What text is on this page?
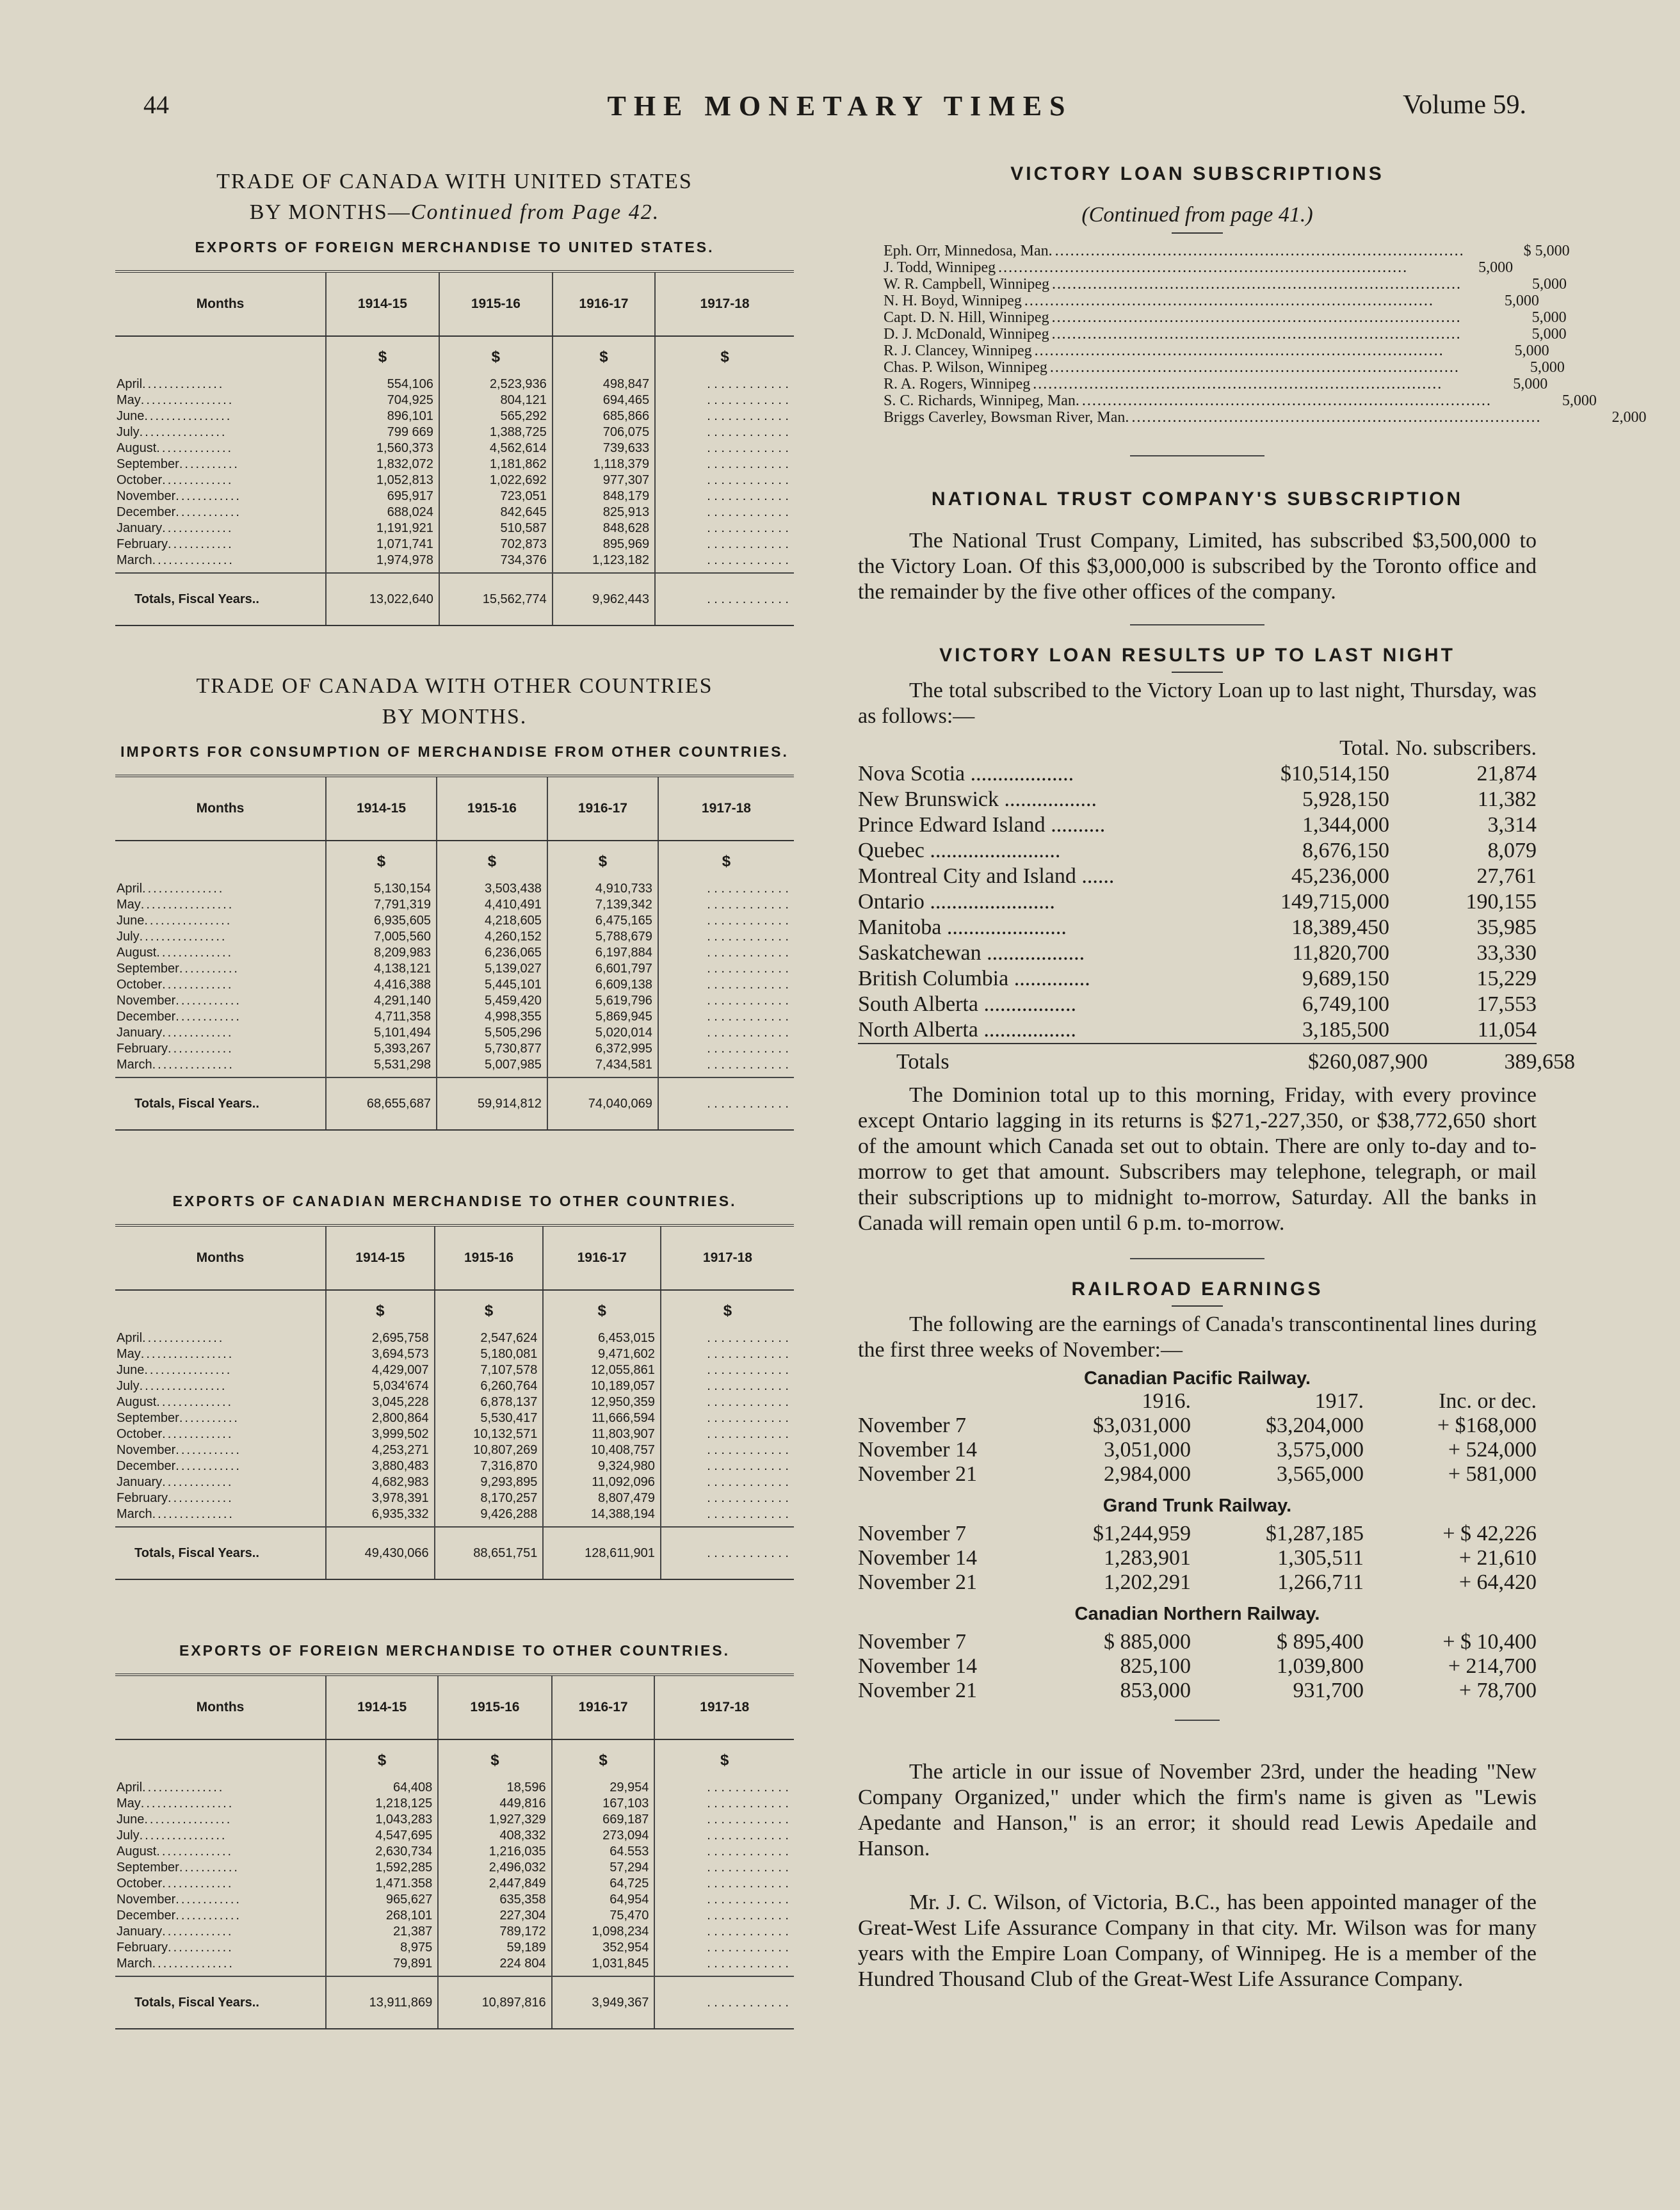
44	THE MONETARY TIMES	Volume 59.
TRADE OF CANADA WITH UNITED STATES
BY MONTHS—Continued from Page 42.
EXPORTS OF FOREIGN MERCHANDISE TO UNITED STATES.
Months	1914-15	1915-16	1916-17	1917-18
	$	$	$	$
April...............	554,106	2,523,936	498,847	. . . . . . . . . . . .
May.................	704,925	804,121	694,465	. . . . . . . . . . . .
June................	896,101	565,292	685,866	. . . . . . . . . . . .
July................	799 669	1,388,725	706,075	. . . . . . . . . . . .
August..............	1,560,373	4,562,614	739,633	. . . . . . . . . . . .
September...........	1,832,072	1,181,862	1,118,379	. . . . . . . . . . . .
October.............	1,052,813	1,022,692	977,307	. . . . . . . . . . . .
November............	695,917	723,051	848,179	. . . . . . . . . . . .
December............	688,024	842,645	825,913	. . . . . . . . . . . .
January.............	1,191,921	510,587	848,628	. . . . . . . . . . . .
February............	1,071,741	702,873	895,969	. . . . . . . . . . . .
March...............	1,974,978	734,376	1,123,182	. . . . . . . . . . . .
Totals, Fiscal Years..	13,022,640	15,562,774	9,962,443	. . . . . . . . . . . .
TRADE OF CANADA WITH OTHER COUNTRIES
BY MONTHS.
IMPORTS FOR CONSUMPTION OF MERCHANDISE FROM OTHER COUNTRIES.
Months	1914-15	1915-16	1916-17	1917-18
	$	$	$	$
April...............	5,130,154	3,503,438	4,910,733	. . . . . . . . . . . .
May.................	7,791,319	4,410,491	7,139,342	. . . . . . . . . . . .
June................	6,935,605	4,218,605	6,475,165	. . . . . . . . . . . .
July................	7,005,560	4,260,152	5,788,679	. . . . . . . . . . . .
August..............	8,209,983	6,236,065	6,197,884	. . . . . . . . . . . .
September...........	4,138,121	5,139,027	6,601,797	. . . . . . . . . . . .
October.............	4,416,388	5,445,101	6,609,138	. . . . . . . . . . . .
November............	4,291,140	5,459,420	5,619,796	. . . . . . . . . . . .
December............	4,711,358	4,998,355	5,869,945	. . . . . . . . . . . .
January.............	5,101,494	5,505,296	5,020,014	. . . . . . . . . . . .
February............	5,393,267	5,730,877	6,372,995	. . . . . . . . . . . .
March...............	5,531,298	5,007,985	7,434,581	. . . . . . . . . . . .
Totals, Fiscal Years..	68,655,687	59,914,812	74,040,069	. . . . . . . . . . . .
EXPORTS OF CANADIAN MERCHANDISE TO OTHER COUNTRIES.
Months	1914-15	1915-16	1916-17	1917-18
	$	$	$	$
April...............	2,695,758	2,547,624	6,453,015	. . . . . . . . . . . .
May.................	3,694,573	5,180,081	9,471,602	. . . . . . . . . . . .
June................	4,429,007	7,107,578	12,055,861	. . . . . . . . . . . .
July................	5,034'674	6,260,764	10,189,057	. . . . . . . . . . . .
August..............	3,045,228	6,878,137	12,950,359	. . . . . . . . . . . .
September...........	2,800,864	5,530,417	11,666,594	. . . . . . . . . . . .
October.............	3,999,502	10,132,571	11,803,907	. . . . . . . . . . . .
November............	4,253,271	10,807,269	10,408,757	. . . . . . . . . . . .
December............	3,880,483	7,316,870	9,324,980	. . . . . . . . . . . .
January.............	4,682,983	9,293,895	11,092,096	. . . . . . . . . . . .
February............	3,978,391	8,170,257	8,807,479	. . . . . . . . . . . .
March...............	6,935,332	9,426,288	14,388,194	. . . . . . . . . . . .
Totals, Fiscal Years..	49,430,066	88,651,751	128,611,901	. . . . . . . . . . . .
EXPORTS OF FOREIGN MERCHANDISE TO OTHER COUNTRIES.
Months	1914-15	1915-16	1916-17	1917-18
	$	$	$	$
April...............	64,408	18,596	29,954	. . . . . . . . . . . .
May.................	1,218,125	449,816	167,103	. . . . . . . . . . . .
June................	1,043,283	1,927,329	669,187	. . . . . . . . . . . .
July................	4,547,695	408,332	273,094	. . . . . . . . . . . .
August..............	2,630,734	1,216,035	64.553	. . . . . . . . . . . .
September...........	1,592,285	2,496,032	57,294	. . . . . . . . . . . .
October.............	1,471.358	2,447,849	64,725	. . . . . . . . . . . .
November............	965,627	635,358	64,954	. . . . . . . . . . . .
December............	268,101	227,304	75,470	. . . . . . . . . . . .
January.............	21,387	789,172	1,098,234	. . . . . . . . . . . .
February............	8,975	59,189	352,954	. . . . . . . . . . . .
March...............	79,891	224 804	1,031,845	. . . . . . . . . . . .
Totals, Fiscal Years..	13,911,869	10,897,816	3,949,367	. . . . . . . . . . . .
VICTORY LOAN SUBSCRIPTIONS
(Continued from page 41.)
Eph. Orr, Minnedosa, Man. ................................................................................	$ 5,000
J. Todd, Winnipeg ................................................................................	5,000
W. R. Campbell, Winnipeg ................................................................................	5,000
N. H. Boyd, Winnipeg ................................................................................	5,000
Capt. D. N. Hill, Winnipeg ................................................................................	5,000
D. J. McDonald, Winnipeg ................................................................................	5,000
R. J. Clancey, Winnipeg ................................................................................	5,000
Chas. P. Wilson, Winnipeg ................................................................................	5,000
R. A. Rogers, Winnipeg ................................................................................	5,000
S. C. Richards, Winnipeg, Man. ................................................................................	5,000
Briggs Caverley, Bowsman River, Man. ................................................................................	2,000
NATIONAL TRUST COMPANY'S SUBSCRIPTION
The National Trust Company, Limited, has subscribed $3,500,000 to the Victory Loan. Of this $3,000,000 is subscribed by the Toronto office and the remainder by the five other offices of the company.
VICTORY LOAN RESULTS UP TO LAST NIGHT
The total subscribed to the Victory Loan up to last night, Thursday, was as follows:—
Total. No. subscribers.
Nova Scotia ...................	$10,514,150	21,874
New Brunswick .................	5,928,150	11,382
Prince Edward Island ..........	1,344,000	3,314
Quebec ........................	8,676,150	8,079
Montreal City and Island ......	45,236,000	27,761
Ontario .......................	149,715,000	190,155
Manitoba ......................	18,389,450	35,985
Saskatchewan ..................	11,820,700	33,330
British Columbia ..............	9,689,150	15,229
South Alberta .................	6,749,100	17,553
North Alberta .................	3,185,500	11,054
Totals	$260,087,900	389,658
The Dominion total up to this morning, Friday, with every province except Ontario lagging in its returns is $271,-227,350, or $38,772,650 short of the amount which Canada set out to obtain. There are only to-day and to-morrow to get that amount. Subscribers may telephone, telegraph, or mail their subscriptions up to midnight to-morrow, Saturday. All the banks in Canada will remain open until 6 p.m. to-morrow.
RAILROAD EARNINGS
The following are the earnings of Canada's transcontinental lines during the first three weeks of November:—
Canadian Pacific Railway.
1916.	1917.	Inc. or dec.
November 7	$3,031,000	$3,204,000	+ $168,000
November 14	3,051,000	3,575,000	+ 524,000
November 21	2,984,000	3,565,000	+ 581,000
Grand Trunk Railway.
November 7	$1,244,959	$1,287,185	+ $ 42,226
November 14	1,283,901	1,305,511	+ 21,610
November 21	1,202,291	1,266,711	+ 64,420
Canadian Northern Railway.
November 7	$ 885,000	$ 895,400	+ $ 10,400
November 14	825,100	1,039,800	+ 214,700
November 21	853,000	931,700	+ 78,700
The article in our issue of November 23rd, under the heading "New Company Organized," under which the firm's name is given as "Lewis Apedante and Hanson," is an error; it should read Lewis Apedaile and Hanson.
Mr. J. C. Wilson, of Victoria, B.C., has been appointed manager of the Great-West Life Assurance Company in that city. Mr. Wilson was for many years with the Empire Loan Company, of Winnipeg. He is a member of the Hundred Thousand Club of the Great-West Life Assurance Company.
